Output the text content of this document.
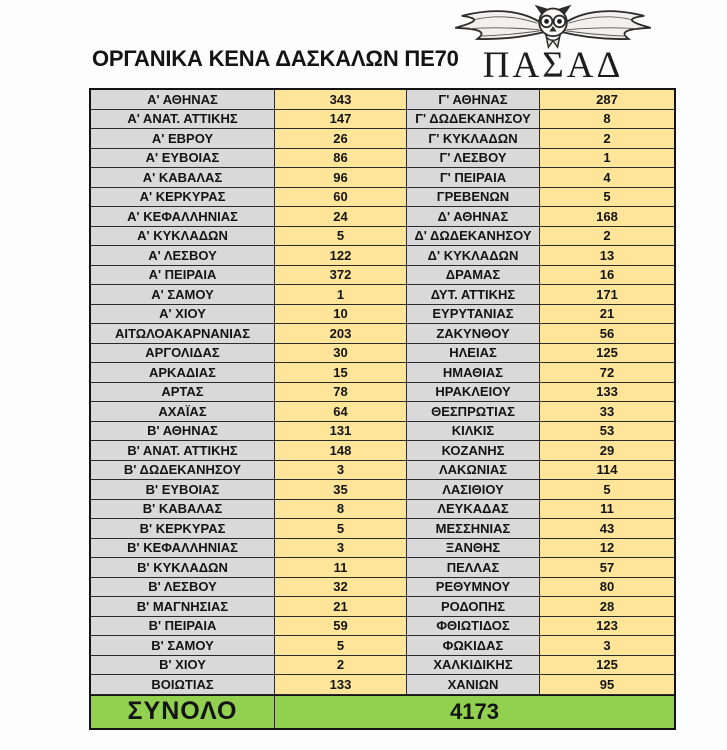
ΟΡΓΑΝΙΚΑ ΚΕΝΑ ΔΑΣΚΑΛΩΝ ΠΕ70 ΠΑΣΑΔ
Α' ΑΘΗΝΑΣ	343	Γ' ΑΘΗΝΑΣ	287
Α' ΑΝΑΤ. ΑΤΤΙΚΗΣ	147	Γ' ΔΩΔΕΚΑΝΗΣΟΥ	8
Α' ΕΒΡΟΥ	26	Γ' ΚΥΚΛΑΔΩΝ	2
Α' ΕΥΒΟΙΑΣ	86	Γ' ΛΕΣΒΟΥ	1
Α' ΚΑΒΑΛΑΣ	96	Γ' ΠΕΙΡΑΙΑ	4
Α' ΚΕΡΚΥΡΑΣ	60	ΓΡΕΒΕΝΩΝ	5
Α' ΚΕΦΑΛΛΗΝΙΑΣ	24	Δ' ΑΘΗΝΑΣ	168
Α' ΚΥΚΛΑΔΩΝ	5	Δ' ΔΩΔΕΚΑΝΗΣΟΥ	2
Α' ΛΕΣΒΟΥ	122	Δ' ΚΥΚΛΑΔΩΝ	13
Α' ΠΕΙΡΑΙΑ	372	ΔΡΑΜΑΣ	16
Α' ΣΑΜΟΥ	1	ΔΥΤ. ΑΤΤΙΚΗΣ	171
Α' ΧΙΟΥ	10	ΕΥΡΥΤΑΝΙΑΣ	21
ΑΙΤΩΛΟΑΚΑΡΝΑΝΙΑΣ	203	ΖΑΚΥΝΘΟΥ	56
ΑΡΓΟΛΙΔΑΣ	30	ΗΛΕΙΑΣ	125
ΑΡΚΑΔΙΑΣ	15	ΗΜΑΘΙΑΣ	72
ΑΡΤΑΣ	78	ΗΡΑΚΛΕΙΟΥ	133
ΑΧΑΪΑΣ	64	ΘΕΣΠΡΩΤΙΑΣ	33
Β' ΑΘΗΝΑΣ	131	ΚΙΛΚΙΣ	53
Β' ΑΝΑΤ. ΑΤΤΙΚΗΣ	148	ΚΟΖΑΝΗΣ	29
Β' ΔΩΔΕΚΑΝΗΣΟΥ	3	ΛΑΚΩΝΙΑΣ	114
Β' ΕΥΒΟΙΑΣ	35	ΛΑΣΙΘΙΟΥ	5
Β' ΚΑΒΑΛΑΣ	8	ΛΕΥΚΑΔΑΣ	11
Β' ΚΕΡΚΥΡΑΣ	5	ΜΕΣΣΗΝΙΑΣ	43
Β' ΚΕΦΑΛΛΗΝΙΑΣ	3	ΞΑΝΘΗΣ	12
Β' ΚΥΚΛΑΔΩΝ	11	ΠΕΛΛΑΣ	57
Β' ΛΕΣΒΟΥ	32	ΡΕΘΥΜΝΟΥ	80
Β' ΜΑΓΝΗΣΙΑΣ	21	ΡΟΔΟΠΗΣ	28
Β' ΠΕΙΡΑΙΑ	59	ΦΘΙΩΤΙΔΟΣ	123
Β' ΣΑΜΟΥ	5	ΦΩΚΙΔΑΣ	3
Β' ΧΙΟΥ	2	ΧΑΛΚΙΔΙΚΗΣ	125
ΒΟΙΩΤΙΑΣ	133	ΧΑΝΙΩΝ	95
ΣΥΝΟΛΟ	4173
